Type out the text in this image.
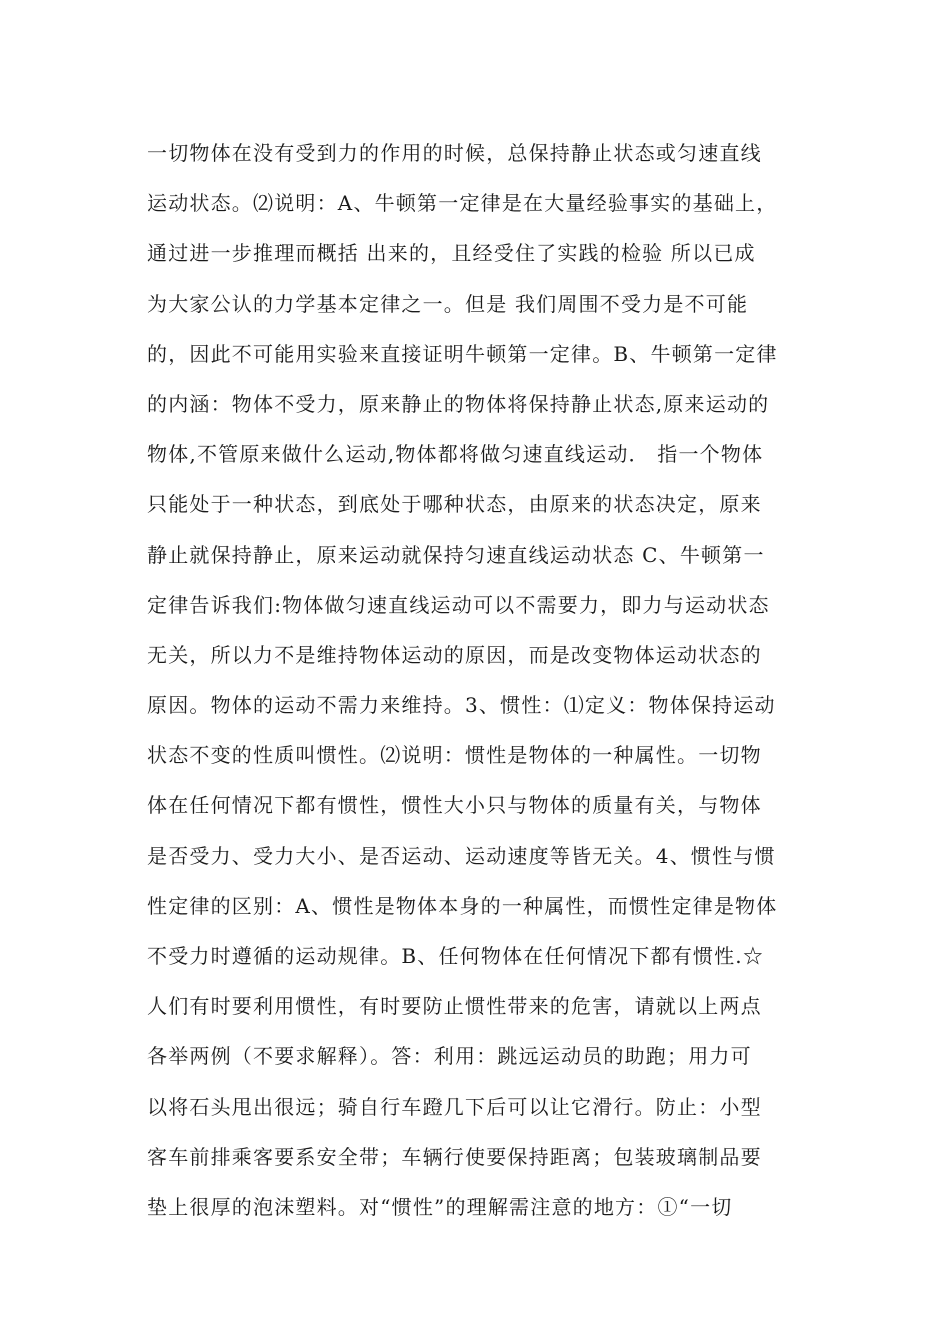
一切物体在没有受到力的作用的时候，总保持静止状态或匀速直线
运动状态。⑵说明：A、牛顿第一定律是在大量经验事实的基础上，
通过进一步推理而概括 出来的，且经受住了实践的检验 所以已成
为大家公认的力学基本定律之一。但是 我们周围不受力是不可能
的，因此不可能用实验来直接证明牛顿第一定律。B、牛顿第一定律
的内涵：物体不受力，原来静止的物体将保持静止状态,原来运动的
物体,不管原来做什么运动,物体都将做匀速直线运动． 指一个物体
只能处于一种状态，到底处于哪种状态，由原来的状态决定，原来
静止就保持静止，原来运动就保持匀速直线运动状态 C、牛顿第一
定律告诉我们:物体做匀速直线运动可以不需要力，即力与运动状态
无关，所以力不是维持物体运动的原因，而是改变物体运动状态的
原因。物体的运动不需力来维持。3、惯性：⑴定义：物体保持运动
状态不变的性质叫惯性。⑵说明：惯性是物体的一种属性。一切物
体在任何情况下都有惯性，惯性大小只与物体的质量有关，与物体
是否受力、受力大小、是否运动、运动速度等皆无关。4、惯性与惯
性定律的区别：A、惯性是物体本身的一种属性，而惯性定律是物体
不受力时遵循的运动规律。B、任何物体在任何情况下都有惯性.☆
人们有时要利用惯性，有时要防止惯性带来的危害，请就以上两点
各举两例（不要求解释）。答：利用：跳远运动员的助跑；用力可
以将石头甩出很远；骑自行车蹬几下后可以让它滑行。防止：小型
客车前排乘客要系安全带；车辆行使要保持距离；包装玻璃制品要
垫上很厚的泡沫塑料。对“惯性”的理解需注意的地方：①“一切
